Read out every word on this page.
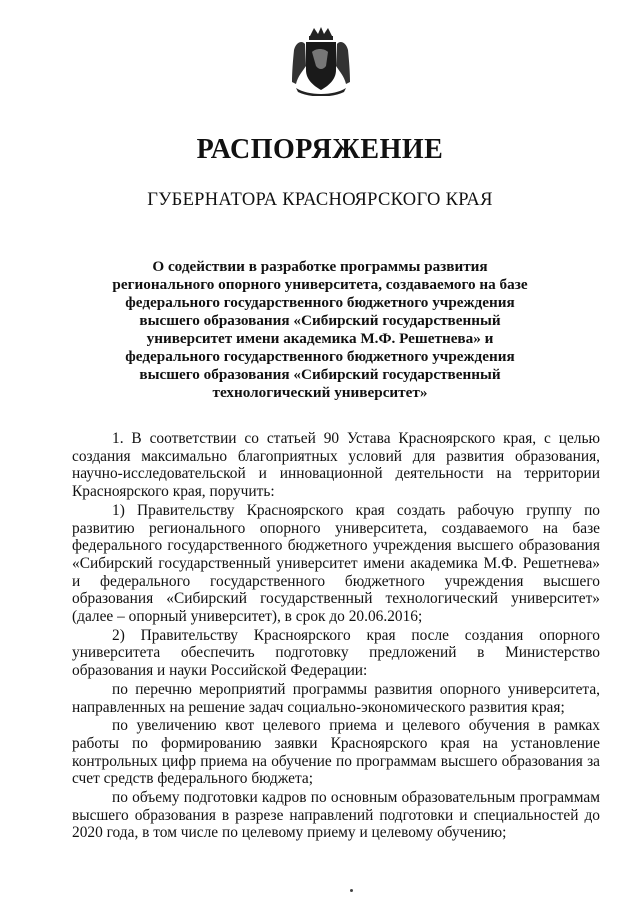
РАСПОРЯЖЕНИЕ
ГУБЕРНАТОРА КРАСНОЯРСКОГО КРАЯ
О содействии в разработке программы развития регионального опорного университета, создаваемого на базе федерального государственного бюджетного учреждения высшего образования «Сибирский государственный университет имени академика М.Ф. Решетнева» и федерального государственного бюджетного учреждения высшего образования «Сибирский государственный технологический университет»

1. В соответствии со статьей 90 Устава Красноярского края, с целью создания максимально благоприятных условий для развития образования, научно-исследовательской и инновационной деятельности на территории Красноярского края, поручить:

1) Правительству Красноярского края создать рабочую группу по развитию регионального опорного университета, создаваемого на базе федерального государственного бюджетного учреждения высшего образования «Сибирский государственный университет имени академика М.Ф. Решетнева» и федерального государственного бюджетного учреждения высшего образования «Сибирский государственный технологический университет» (далее – опорный университет), в срок до 20.06.2016;

2) Правительству Красноярского края после создания опорного университета обеспечить подготовку предложений в Министерство образования и науки Российской Федерации:

по перечню мероприятий программы развития опорного университета, направленных на решение задач социально-экономического развития края;

по увеличению квот целевого приема и целевого обучения в рамках работы по формированию заявки Красноярского края на установление контрольных цифр приема на обучение по программам высшего образования за счет средств федерального бюджета;

по объему подготовки кадров по основным образовательным программам высшего образования в разрезе направлений подготовки и специальностей до 2020 года, в том числе по целевому приему и целевому обучению;
